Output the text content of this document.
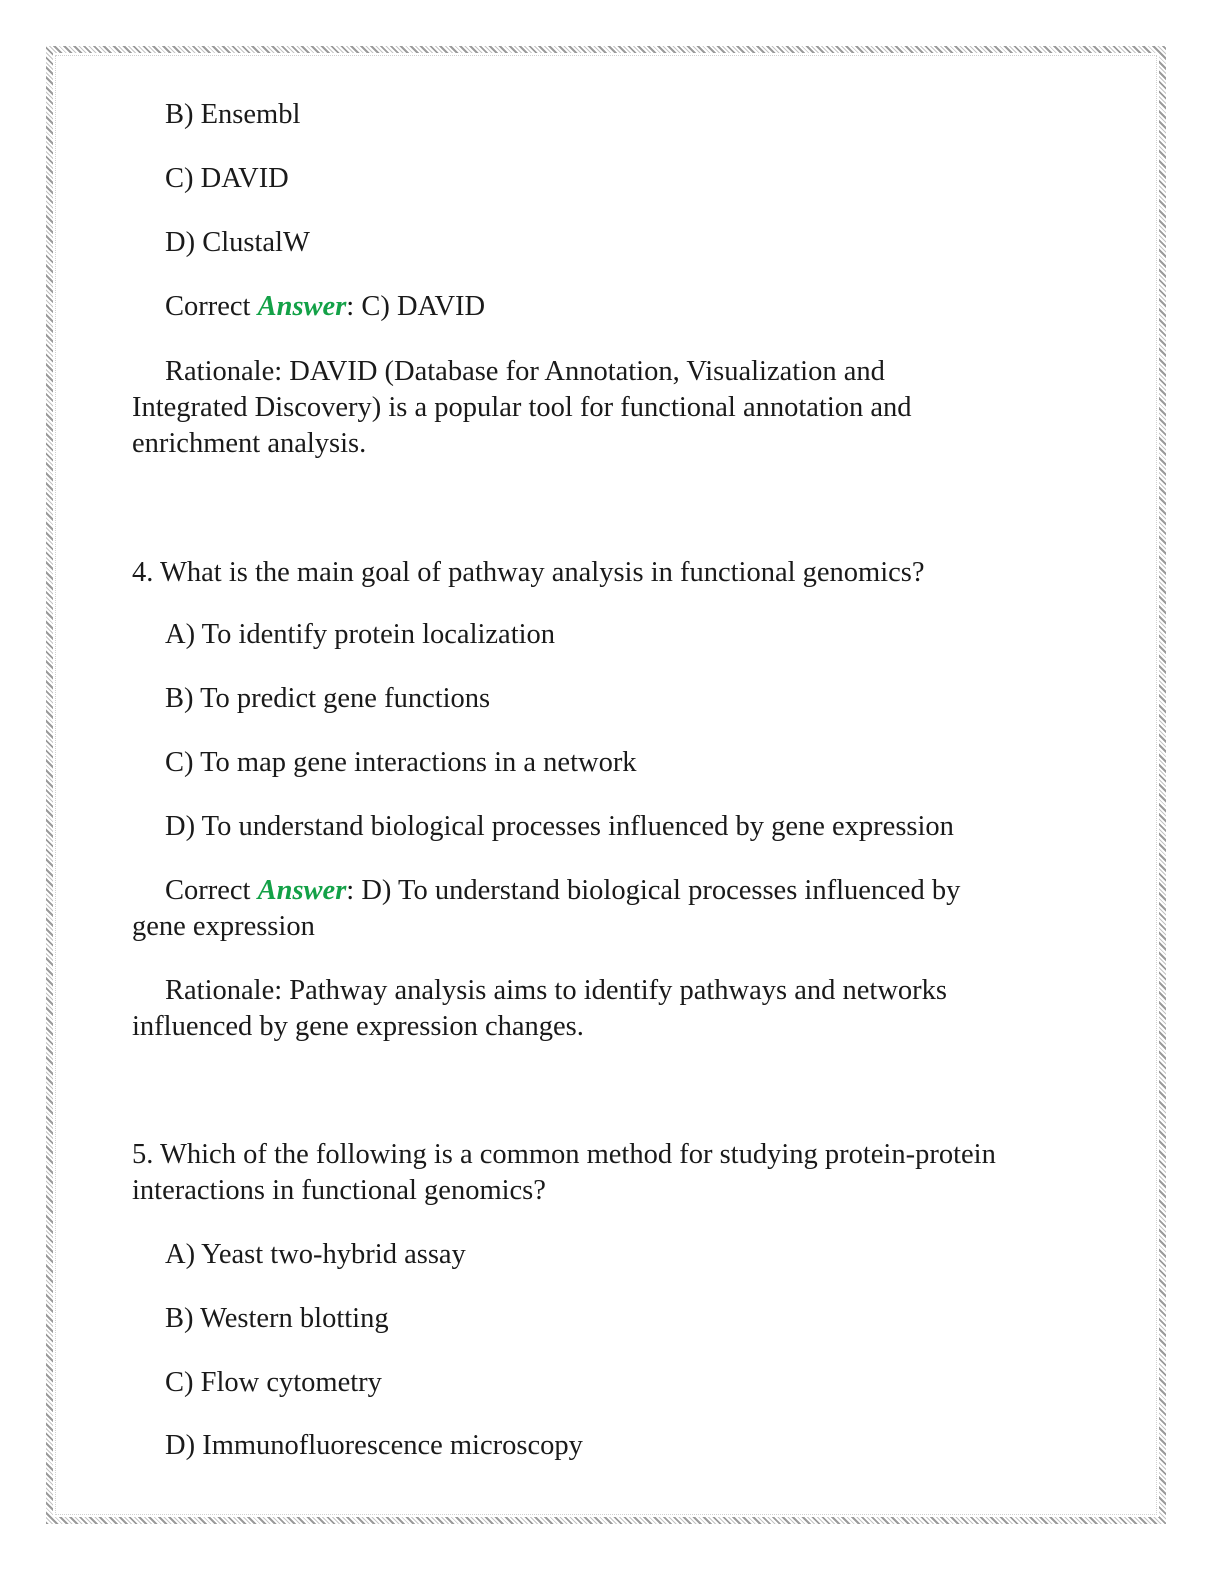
B) Ensembl

C) DAVID

D) ClustalW

Correct Answer: C) DAVID

Rationale: DAVID (Database for Annotation, Visualization and

Integrated Discovery) is a popular tool for functional annotation and

enrichment analysis.

4. What is the main goal of pathway analysis in functional genomics?

A) To identify protein localization

B) To predict gene functions

C) To map gene interactions in a network

D) To understand biological processes influenced by gene expression

Correct Answer: D) To understand biological processes influenced by

gene expression

Rationale: Pathway analysis aims to identify pathways and networks

influenced by gene expression changes.

5. Which of the following is a common method for studying protein-protein

interactions in functional genomics?

A) Yeast two-hybrid assay

B) Western blotting

C) Flow cytometry

D) Immunofluorescence microscopy
